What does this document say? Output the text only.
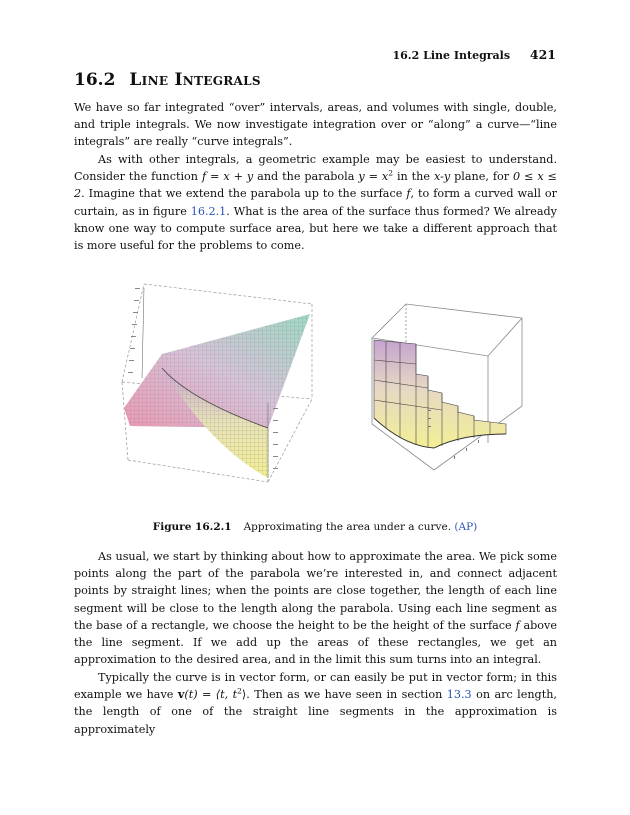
16.2 Line Integrals 421
16.2 Line Integrals

We have so far integrated “over” intervals, areas, and volumes with single, double, and triple integrals. We now investigate integration over or “along” a curve—“line integrals” are really “curve integrals”.

As with other integrals, a geometric example may be easiest to understand. Consider the function f = x + y and the parabola $y = x^2$ in the x-y plane, for 0 ≤ x ≤ 2. Imagine that we extend the parabola up to the surface f, to form a curved wall or curtain, as in figure 16.2.1. What is the area of the surface thus formed? We already know one way to compute surface area, but here we take a different approach that is more useful for the problems to come.

Figure 16.2.1 Approximating the area under a curve. (AP)

As usual, we start by thinking about how to approximate the area. We pick some points along the part of the parabola we’re interested in, and connect adjacent points by straight lines; when the points are close together, the length of each line segment will be close to the length along the parabola. Using each line segment as the base of a rectangle, we choose the height to be the height of the surface f above the line segment. If we add up the areas of these rectangles, we get an approximation to the desired area, and in the limit this sum turns into an integral.

Typically the curve is in vector form, or can easily be put in vector form; in this example we have v(t) = ⟨t, $t^2⟩$. Then as we have seen in section 13.3 on arc length, the length of one of the straight line segments in the approximation is approximately
